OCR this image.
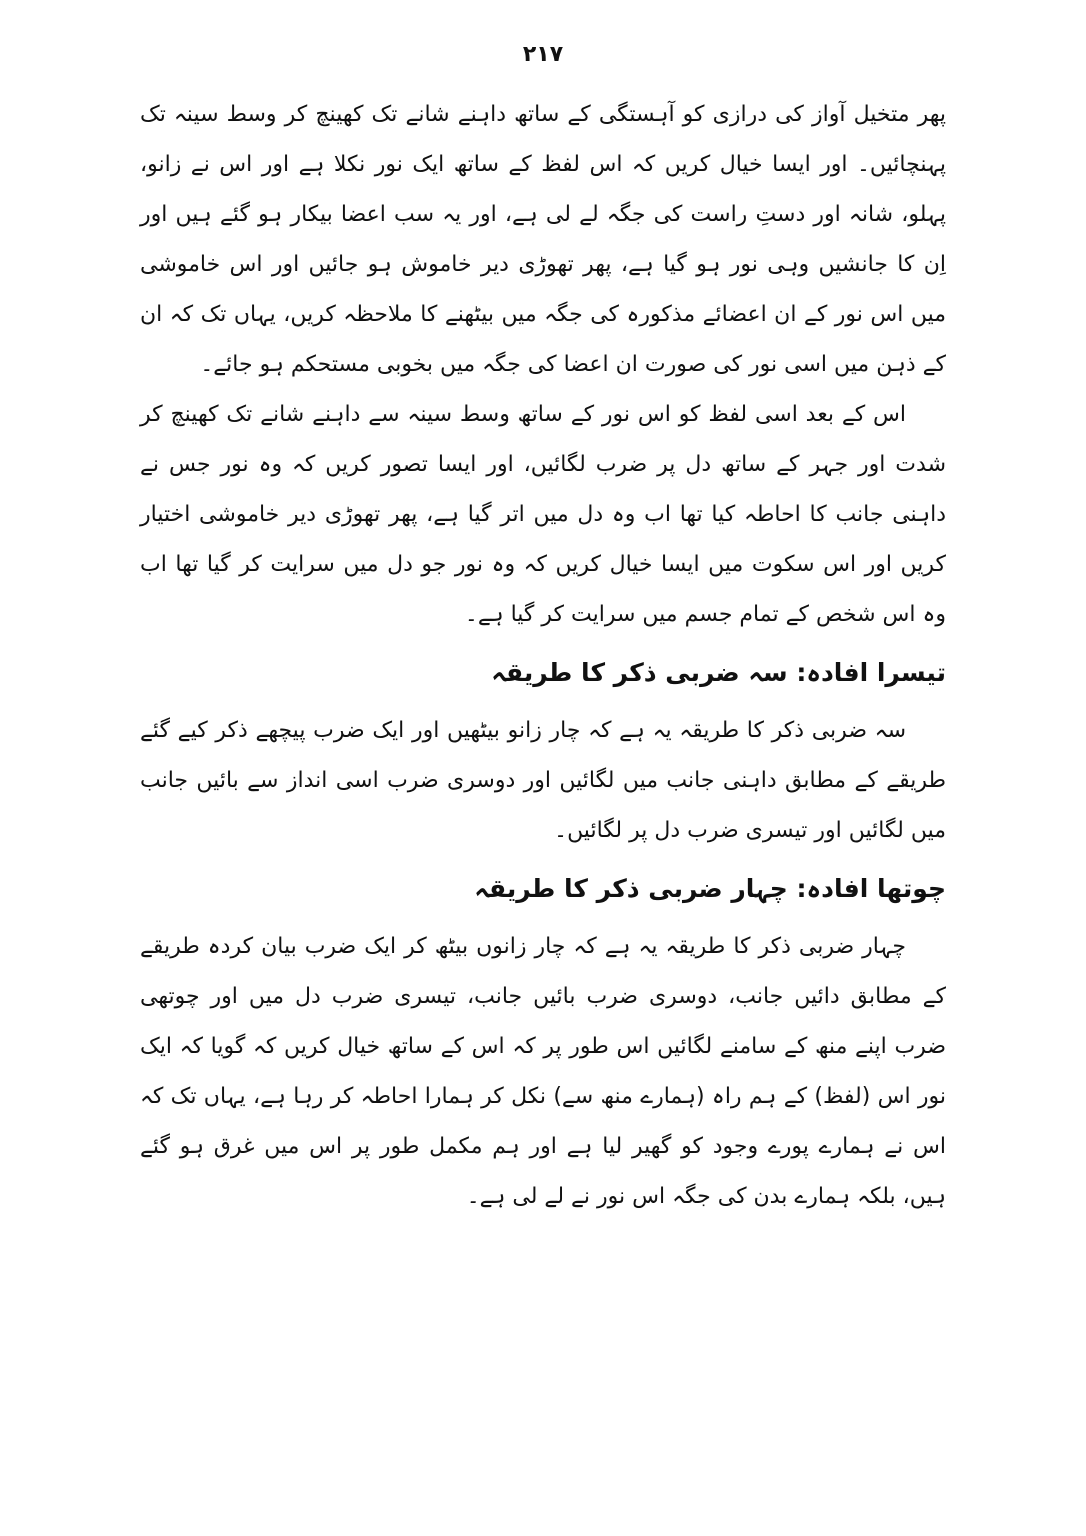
۲۱۷

پھر متخیل آواز کی درازی کو آہستگی کے ساتھ داہنے شانے تک کھینچ کر وسط سینہ تک پہنچائیں۔ اور ایسا خیال کریں کہ اس لفظ کے ساتھ ایک نور نکلا ہے اور اس نے زانو، پہلو، شانہ اور دستِ راست کی جگہ لے لی ہے، اور یہ سب اعضا بیکار ہو گئے ہیں اور اِن کا جانشیں وہی نور ہو گیا ہے، پھر تھوڑی دیر خاموش ہو جائیں اور اس خاموشی میں اس نور کے ان اعضائے مذکورہ کی جگہ میں بیٹھنے کا ملاحظہ کریں، یہاں تک کہ ان کے ذہن میں اسی نور کی صورت ان اعضا کی جگہ میں بخوبی مستحکم ہو جائے۔

اس کے بعد اسی لفظ کو اس نور کے ساتھ وسط سینہ سے داہنے شانے تک کھینچ کر شدت اور جہر کے ساتھ دل پر ضرب لگائیں، اور ایسا تصور کریں کہ وہ نور جس نے داہنی جانب کا احاطہ کیا تھا اب وہ دل میں اتر گیا ہے، پھر تھوڑی دیر خاموشی اختیار کریں اور اس سکوت میں ایسا خیال کریں کہ وہ نور جو دل میں سرایت کر گیا تھا اب وہ اس شخص کے تمام جسم میں سرایت کر گیا ہے۔

تیسرا افادہ: سہ ضربی ذکر کا طریقہ

سہ ضربی ذکر کا طریقہ یہ ہے کہ چار زانو بیٹھیں اور ایک ضرب پیچھے ذکر کیے گئے طریقے کے مطابق داہنی جانب میں لگائیں اور دوسری ضرب اسی انداز سے بائیں جانب میں لگائیں اور تیسری ضرب دل پر لگائیں۔

چوتھا افادہ: چہار ضربی ذکر کا طریقہ

چہار ضربی ذکر کا طریقہ یہ ہے کہ چار زانوں بیٹھ کر ایک ضرب بیان کردہ طریقے کے مطابق دائیں جانب، دوسری ضرب بائیں جانب، تیسری ضرب دل میں اور چوتھی ضرب اپنے منھ کے سامنے لگائیں اس طور پر کہ اس کے ساتھ خیال کریں کہ گویا کہ ایک نور اس (لفظ) کے ہم راہ (ہمارے منھ سے) نکل کر ہمارا احاطہ کر رہا ہے، یہاں تک کہ اس نے ہمارے پورے وجود کو گھیر لیا ہے اور ہم مکمل طور پر اس میں غرق ہو گئے ہیں، بلکہ ہمارے بدن کی جگہ اس نور نے لے لی ہے۔
